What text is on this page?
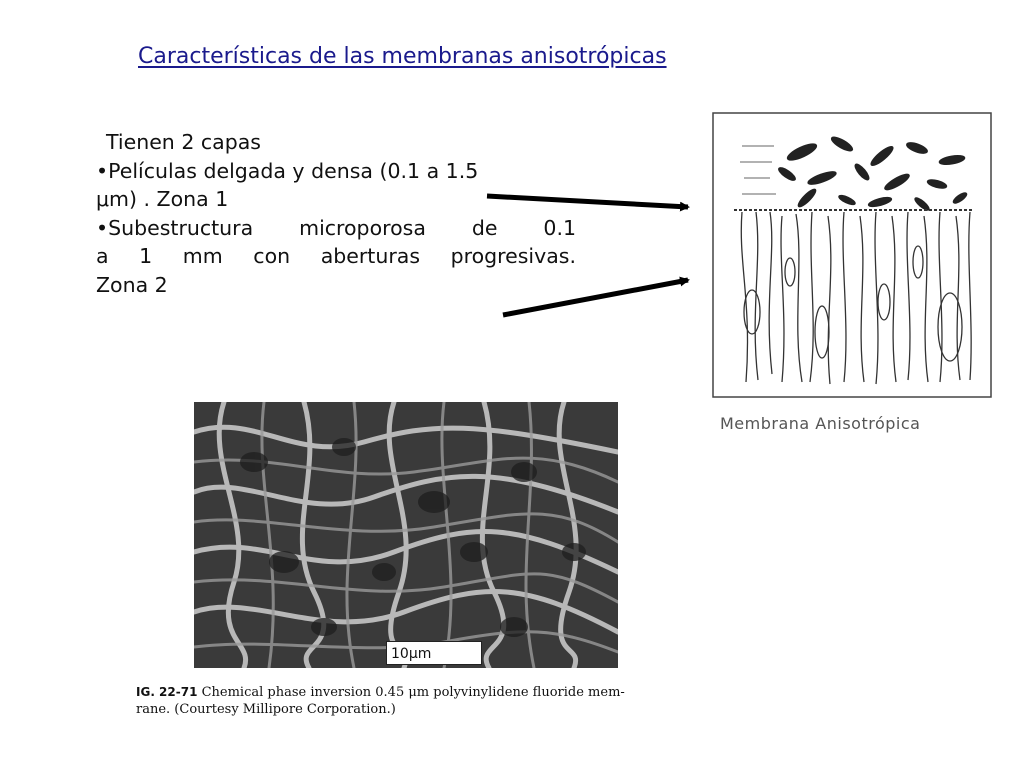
Características de las membranas anisotrópicas
Tienen 2 capas
•Películas delgada y densa (0.1 a 1.5
μm) . Zona 1
•Subestructura microporosa de 0.1
a 1 mm con aberturas progresivas.
Zona 2
Membrana Anisotrópica
10μm
IG. 22-71 Chemical phase inversion 0.45 μm polyvinylidene fluoride mem-
rane. (Courtesy Millipore Corporation.)
